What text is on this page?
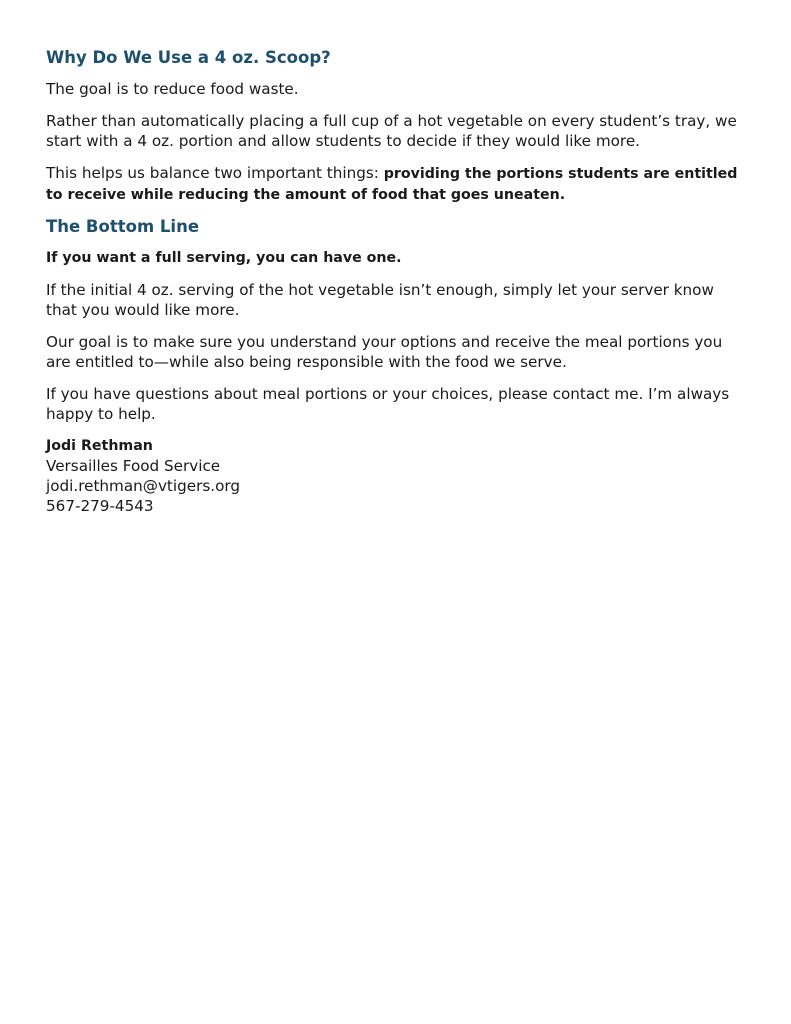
Why Do We Use a 4 oz. Scoop?

The goal is to reduce food waste.

Rather than automatically placing a full cup of a hot vegetable on every student’s tray, we start with a 4 oz. portion and allow students to decide if they would like more.

This helps us balance two important things: providing the portions students are entitled to receive while reducing the amount of food that goes uneaten.

The Bottom Line

If you want a full serving, you can have one.

If the initial 4 oz. serving of the hot vegetable isn’t enough, simply let your server know that you would like more.

Our goal is to make sure you understand your options and receive the meal portions you are entitled to—while also being responsible with the food we serve.

If you have questions about meal portions or your choices, please contact me. I’m always happy to help.

Jodi Rethman
Versailles Food Service
jodi.rethman@vtigers.org
567-279-4543
